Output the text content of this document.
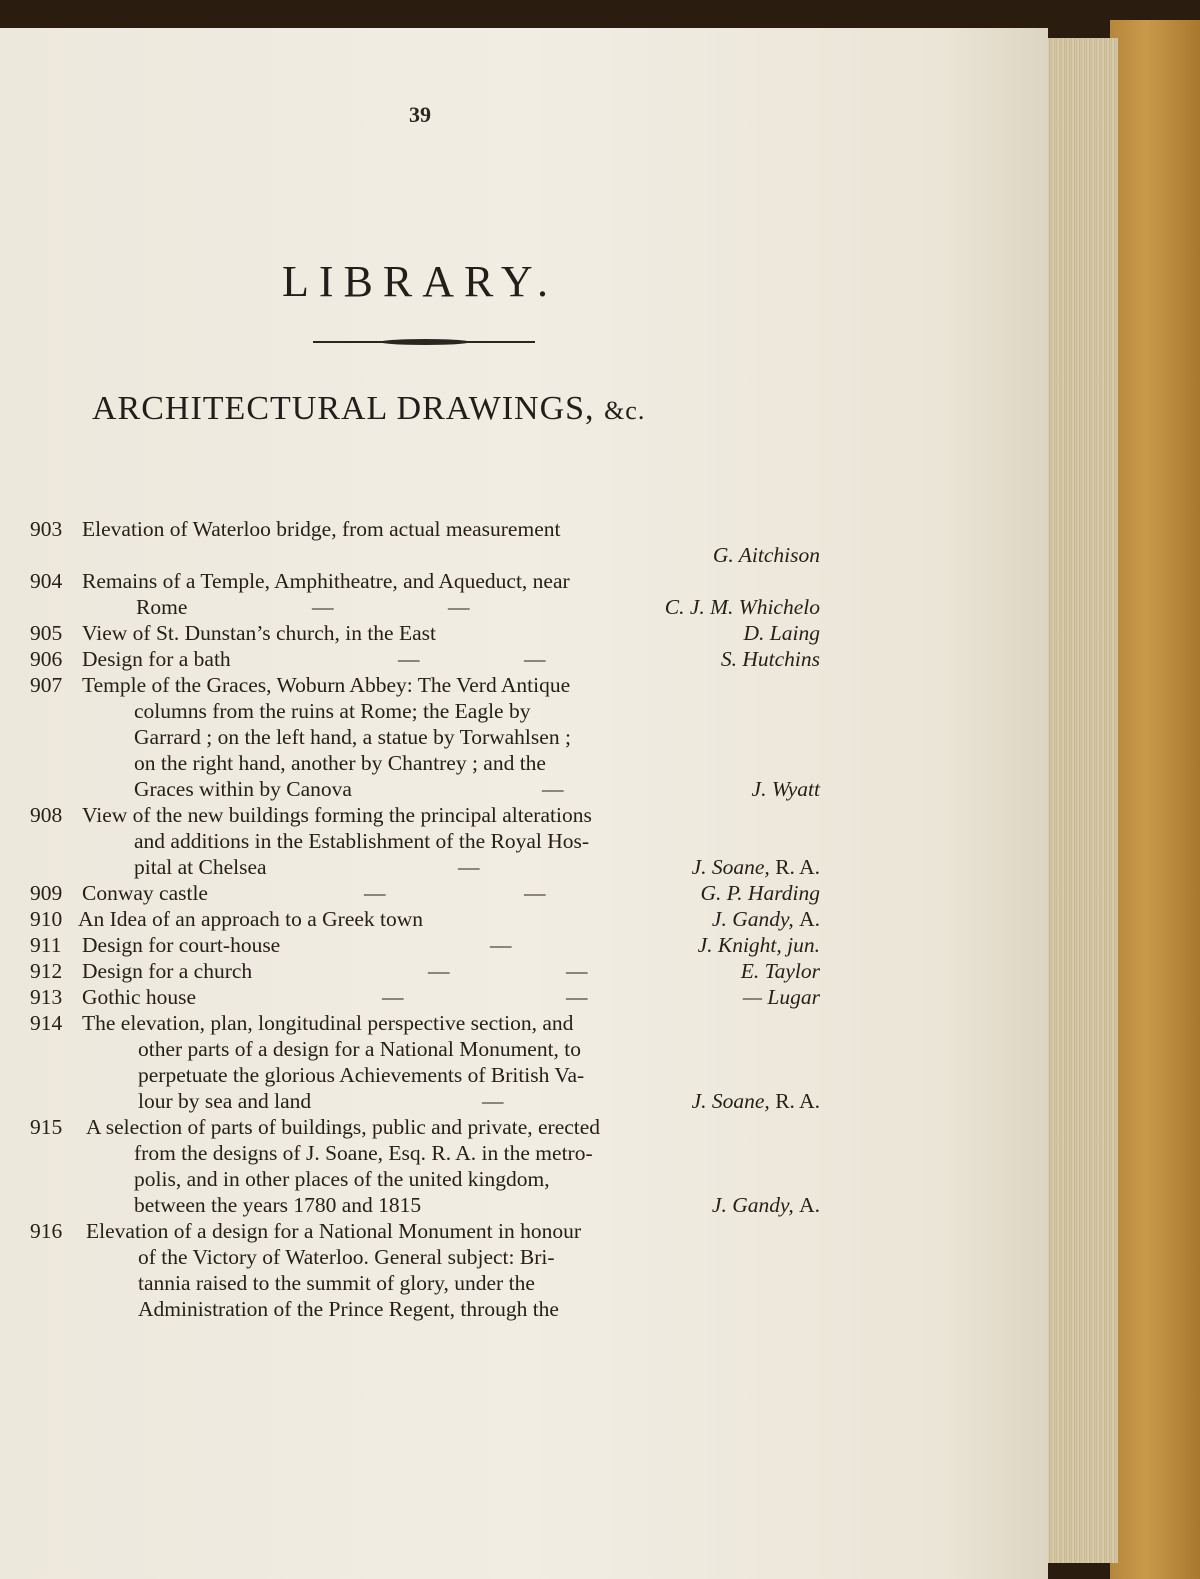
39
LIBRARY.
ARCHITECTURAL DRAWINGS, &c.
903 Elevation of Waterloo bridge, from actual measurement
G. Aitchison
904 Remains of a Temple, Amphitheatre, and Aqueduct, near
Rome	—	—	C. J. M. Whichelo
905 View of St. Dunstan’s church, in the East	D. Laing
906 Design for a bath	—	—	S. Hutchins
907 Temple of the Graces, Woburn Abbey: The Verd Antique
columns from the ruins at Rome; the Eagle by
Garrard ; on the left hand, a statue by Torwahlsen ;
on the right hand, another by Chantrey ; and the
Graces within by Canova	—	J. Wyatt
908 View of the new buildings forming the principal alterations
and additions in the Establishment of the Royal Hos-
pital at Chelsea	—	J. Soane, R. A.
909 Conway castle	—	—	G. P. Harding
910 An Idea of an approach to a Greek town	J. Gandy, A.
911 Design for court-house	—	J. Knight, jun.
912 Design for a church	—	—	E. Taylor
913 Gothic house	—	—	— Lugar
914 The elevation, plan, longitudinal perspective section, and
other parts of a design for a National Monument, to
perpetuate the glorious Achievements of British Va-
lour by sea and land	—	J. Soane, R. A.
915 A selection of parts of buildings, public and private, erected
from the designs of J. Soane, Esq. R. A. in the metro-
polis, and in other places of the united kingdom,
between the years 1780 and 1815	J. Gandy, A.
916 Elevation of a design for a National Monument in honour
of the Victory of Waterloo. General subject: Bri-
tannia raised to the summit of glory, under the
Administration of the Prince Regent, through the
